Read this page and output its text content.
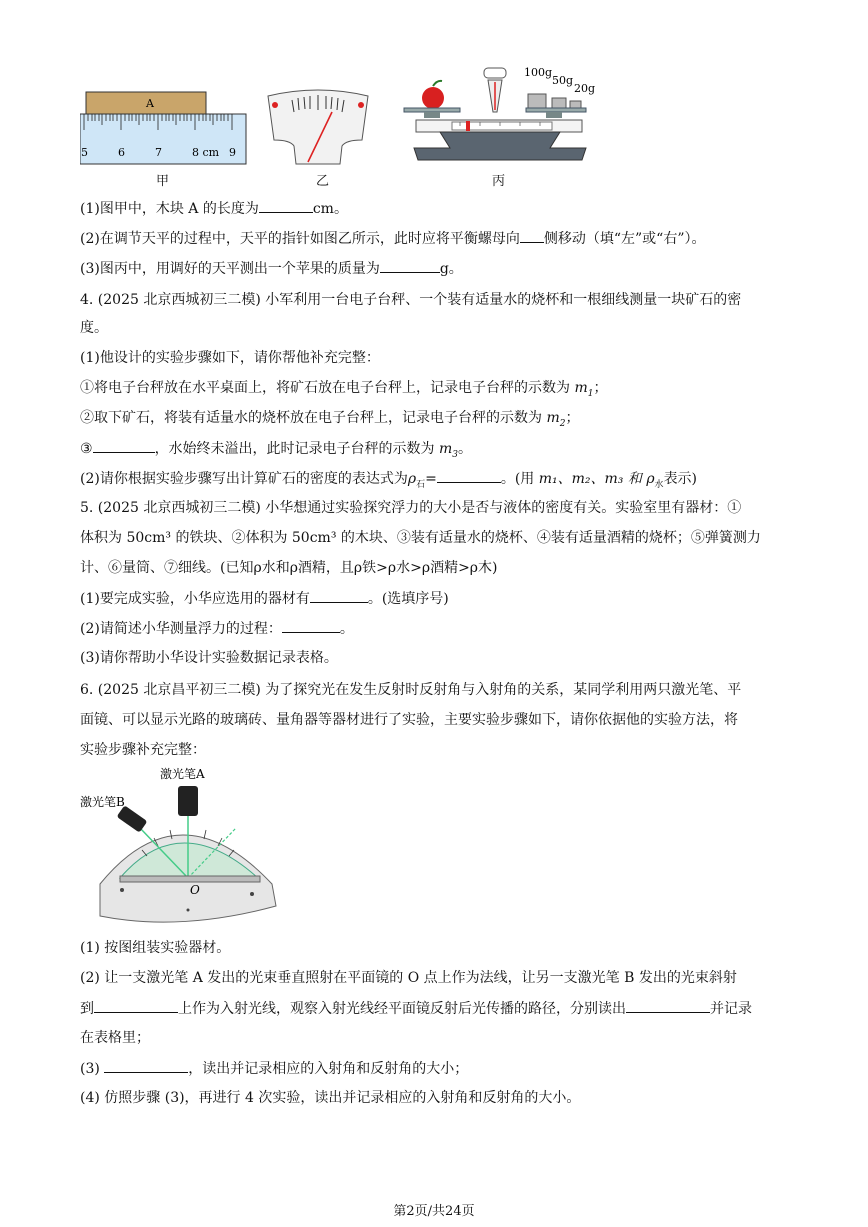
A
5	6	7	8 cm 9
甲	乙
100g
50g
20g
丙
(1)图甲中，木块 A 的长度为	cm。
(2)在调节天平的过程中，天平的指针如图乙所示，此时应将平衡螺母向 侧移动（填“左”或“右”）。
(3)图丙中，用调好的天平测出一个苹果的质量为	g。
4. (2025 北京西城初三二模) 小军利用一台电子台秤、一个装有适量水的烧杯和一根细线测量一块矿石的密
度。
(1)他设计的实验步骤如下，请你帮他补充完整：
①将电子台秤放在水平桌面上，将矿石放在电子台秤上，记录电子台秤的示数为 $m_1$；
②取下矿石，将装有适量水的烧杯放在电子台秤上，记录电子台秤的示数为 $m_2$；
③	，水始终未溢出，此时记录电子台秤的示数为 $m_3$。
(2)请你根据实验步骤写出计算矿石的密度的表达式为$\rho_石=$	。(用 m₁、m₂、m₃ 和 $\rho_水$表示)
5. (2025 北京西城初三二模) 小华想通过实验探究浮力的大小是否与液体的密度有关。实验室里有器材：①
体积为 50cm³ 的铁块、②体积为 50cm³ 的木块、③装有适量水的烧杯、④装有适量酒精的烧杯；⑤弹簧测力
计、⑥量筒、⑦细线。(已知ρ水和ρ酒精，且ρ铁>ρ水>ρ酒精>ρ木)
(1)要完成实验，小华应选用的器材有	。(选填序号)
(2)请简述小华测量浮力的过程：	。
(3)请你帮助小华设计实验数据记录表格。
6. (2025 北京昌平初三二模) 为了探究光在发生反射时反射角与入射角的关系，某同学利用两只激光笔、平
面镜、可以显示光路的玻璃砖、量角器等器材进行了实验，主要实验步骤如下，请你依据他的实验方法，将
实验步骤补充完整：
激光笔A
激光笔B
O
(1) 按图组装实验器材。
(2) 让一支激光笔 A 发出的光束垂直照射在平面镜的 O 点上作为法线，让另一支激光笔 B 发出的光束斜射
到	上作为入射光线，观察入射光线经平面镜反射后光传播的路径，分别读出	并记录
在表格里；
(3)	，读出并记录相应的入射角和反射角的大小；
(4) 仿照步骤 (3)，再进行 4 次实验，读出并记录相应的入射角和反射角的大小。
第2页/共24页
